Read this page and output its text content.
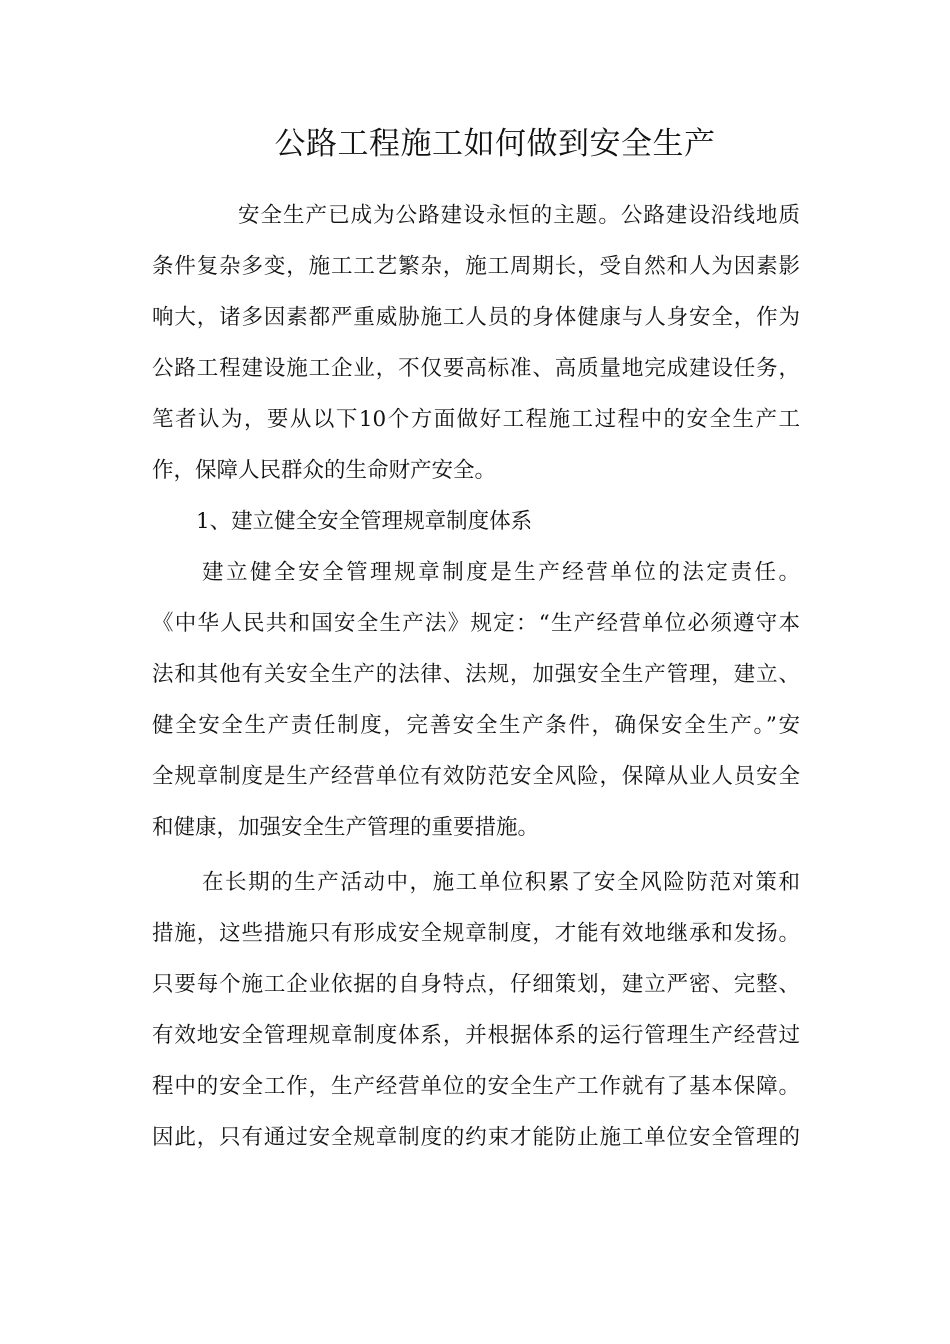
公路工程施工如何做到安全生产
安全生产已成为公路建设永恒的主题。公路建设沿线地质
条件复杂多变，施工工艺繁杂，施工周期长，受自然和人为因素影
响大，诸多因素都严重威胁施工人员的身体健康与人身安全，作为
公路工程建设施工企业，不仅要高标准、高质量地完成建设任务，
笔者认为，要从以下10个方面做好工程施工过程中的安全生产工
作，保障人民群众的生命财产安全。
1、建立健全安全管理规章制度体系
建立健全安全管理规章制度是生产经营单位的法定责任。
《中华人民共和国安全生产法》规定：“生产经营单位必须遵守本
法和其他有关安全生产的法律、法规，加强安全生产管理，建立、
健全安全生产责任制度，完善安全生产条件，确保安全生产。”安
全规章制度是生产经营单位有效防范安全风险，保障从业人员安全
和健康，加强安全生产管理的重要措施。
在长期的生产活动中，施工单位积累了安全风险防范对策和
措施，这些措施只有形成安全规章制度，才能有效地继承和发扬。
只要每个施工企业依据的自身特点，仔细策划，建立严密、完整、
有效地安全管理规章制度体系，并根据体系的运行管理生产经营过
程中的安全工作，生产经营单位的安全生产工作就有了基本保障。
因此，只有通过安全规章制度的约束才能防止施工单位安全管理的
